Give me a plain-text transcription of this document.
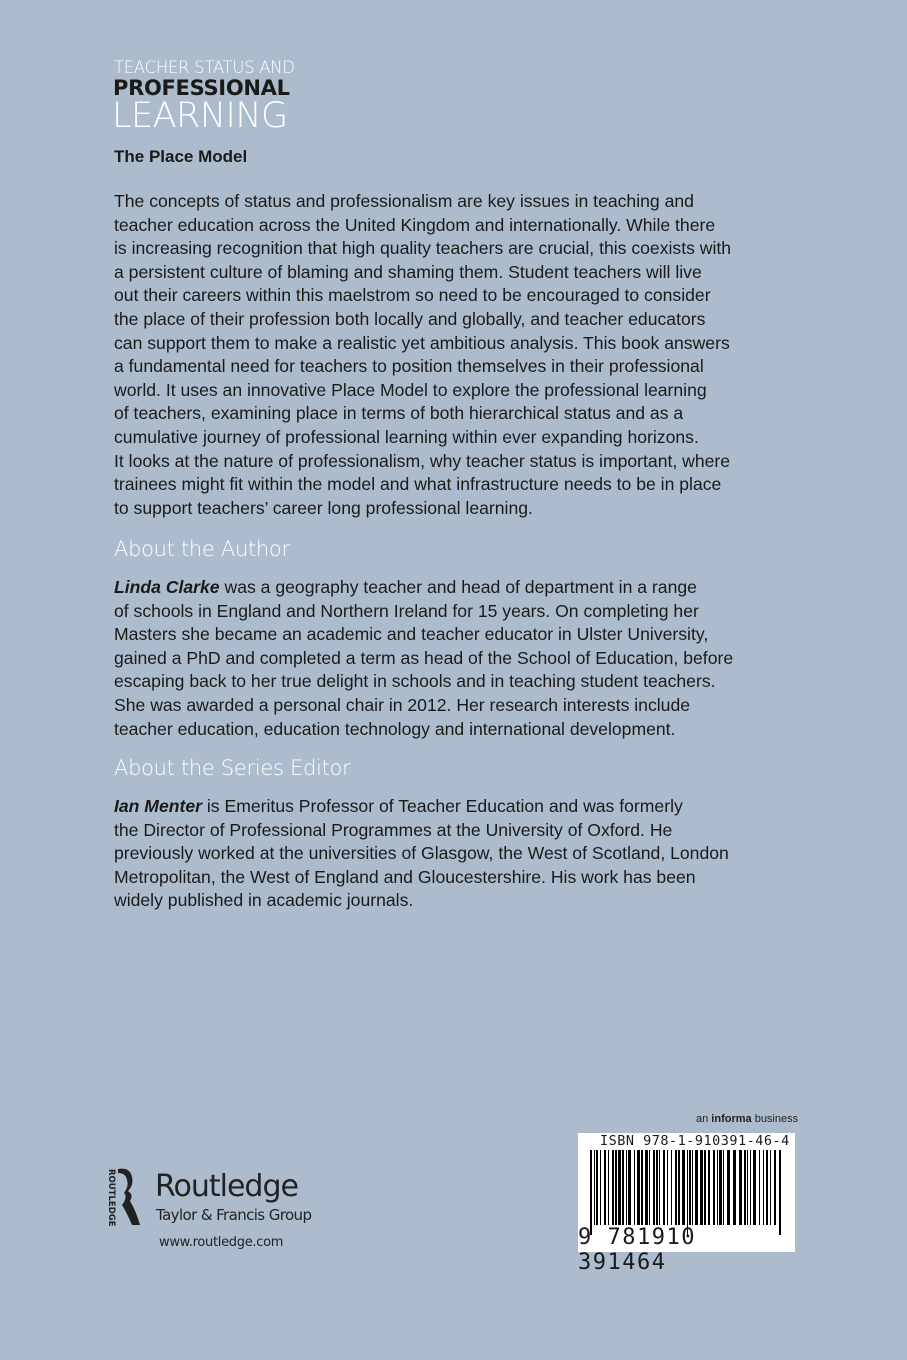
TEACHER STATUS AND
PROFESSIONAL
LEARNING
The Place Model
The concepts of status and professionalism are key issues in teaching and
teacher education across the United Kingdom and internationally. While there
is increasing recognition that high quality teachers are crucial, this coexists with
a persistent culture of blaming and shaming them. Student teachers will live
out their careers within this maelstrom so need to be encouraged to consider
the place of their profession both locally and globally, and teacher educators
can support them to make a realistic yet ambitious analysis. This book answers
a fundamental need for teachers to position themselves in their professional
world. It uses an innovative Place Model to explore the professional learning
of teachers, examining place in terms of both hierarchical status and as a
cumulative journey of professional learning within ever expanding horizons.
It looks at the nature of professionalism, why teacher status is important, where
trainees might fit within the model and what infrastructure needs to be in place
to support teachers’ career long professional learning.
About the Author
Linda Clarke was a geography teacher and head of department in a range
of schools in England and Northern Ireland for 15 years. On completing her
Masters she became an academic and teacher educator in Ulster University,
gained a PhD and completed a term as head of the School of Education, before
escaping back to her true delight in schools and in teaching student teachers.
She was awarded a personal chair in 2012. Her research interests include
teacher education, education technology and international development.
About the Series Editor
Ian Menter is Emeritus Professor of Teacher Education and was formerly
the Director of Professional Programmes at the University of Oxford. He
previously worked at the universities of Glasgow, the West of Scotland, London
Metropolitan, the West of England and Gloucestershire. His work has been
widely published in academic journals.
an informa business
ISBN 978-1-910391-46-4
9 781910 391464
ROUTLEDGE Routledge
Taylor & Francis Group
www.routledge.com
